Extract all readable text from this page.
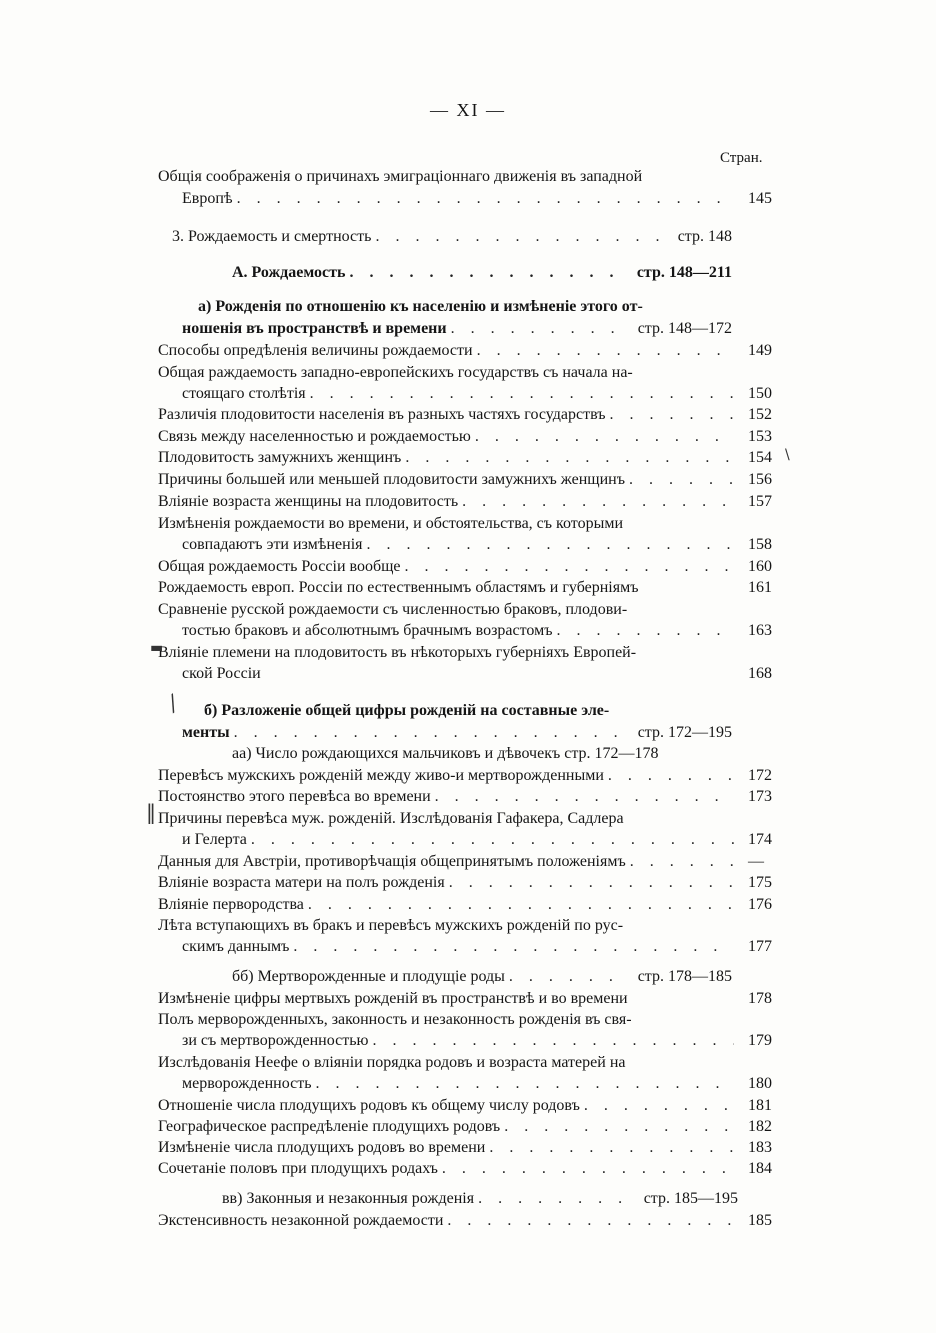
— XI —
Стран.
Общiя соображенiя о причинахъ эмиграцiоннаго движенiя въ западной
Европѣ . . .	145
3. Рождаемость и смертность . . .	стр. 148
А. Рождаемость . . .	стр. 148—211
а) Рожденiя по отношенiю къ населенiю и измѣненiе этого от-
ношенiя въ пространствѣ и времени . . .	стр. 148—172
Способы опредѣленiя величины рождаемости . . .	149
Общая раждаемость западно-европейскихъ государствъ съ начала на-
стоящаго столѣтiя . . .	150
Различiя плодовитости населенiя въ разныхъ частяхъ государствъ . . .	152
Связь между населенностью и рождаемостью . . .	153
Плодовитость замужнихъ женщинъ . . .	154
Причины большей или меньшей плодовитости замужнихъ женщинъ . . .	156
Влiянiе возраста женщины на плодовитость . . .	157
Измѣненiя рождаемости во времени, и обстоятельства, съ которыми
совпадаютъ эти измѣненiя . . .	158
Общая рождаемость Россiи вообще . . .	160
Рождаемость европ. Россiи по естественнымъ областямъ и губернiямъ	161
Сравненiе русской рождаемости съ численностью браковъ, плодови-
тостью браковъ и абсолютнымъ брачнымъ возрастомъ . . .	163
Влiянiе племени на плодовитость въ нѣкоторыхъ губернiяхъ Европей-
ской Россiи	168
б) Разложенiе общей цифры рожденiй на составные эле-
менты . . .	стр. 172—195
аа) Число рождающихся мальчиковъ и дѣвочекъ стр. 172—178
Перевѣсъ мужскихъ рожденiй между живо-и мертворожденными . . .	172
Постоянство этого перевѣса во времени . . .	173
Причины перевѣса муж. рожденiй. Изслѣдованiя Гафакера, Садлера
и Гелерта . . .	174
Данныя для Австрiи, противорѣчащiя общепринятымъ положенiямъ . . .	—
Влiянiе возраста матери на полъ рожденiя . . .	175
Влiянiе первородства . . .	176
Лѣта вступающихъ въ бракъ и перевѣсъ мужскихъ рожденiй по рус-
скимъ даннымъ . . .	177
бб) Мертворожденные и плодущiе роды . . .	стр. 178—185
Измѣненiе цифры мертвыхъ рожденiй въ пространствѣ и во времени	178
Полъ мерворожденныхъ, законность и незаконность рожденiя въ свя-
зи съ мертворожденностью . . .	179
Изслѣдованiя Неефе о влiянiи порядка родовъ и возраста матерей на
мерворожденность . . .	180
Отношенiе числа плодущихъ родовъ къ общему числу родовъ . . .	181
Географическое распредѣленiе плодущихъ родовъ . . .	182
Измѣненiе числа плодущихъ родовъ во времени . . .	183
Сочетанiе половъ при плодущихъ родахъ . . .	184
вв) Законныя и незаконныя рожденiя . . .	стр. 185—195
Экстенсивность незаконной рождаемости . . .	185
⁄
‖
▬
\
